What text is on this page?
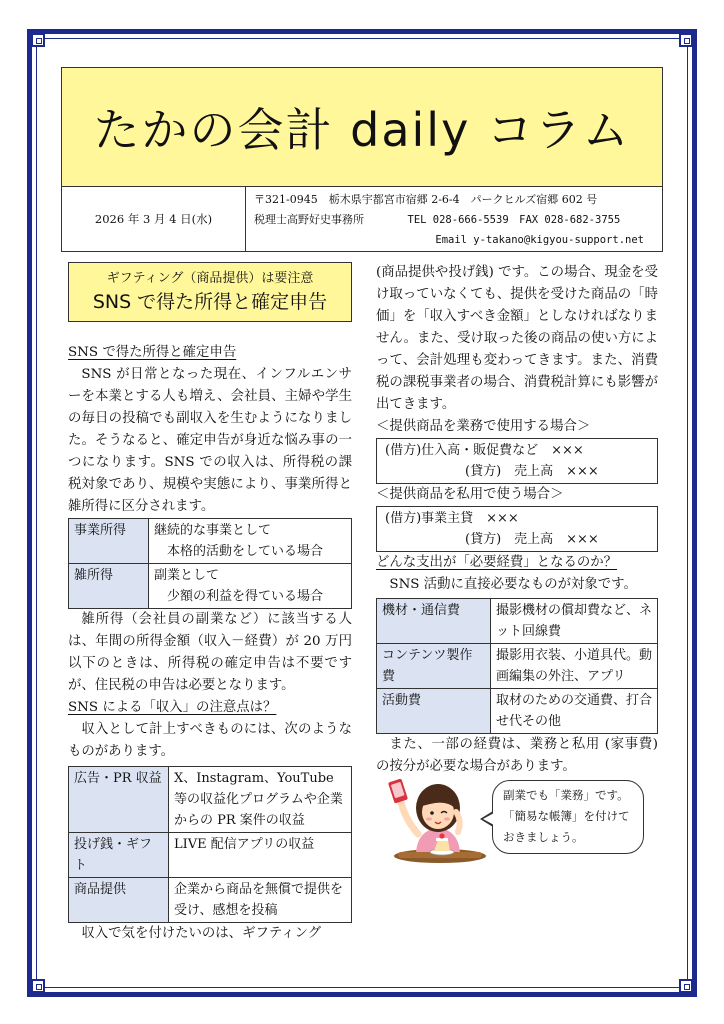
たかの会計 daily コラム
2026 年 3 月 4 日(水)
〒321-0945　栃木県宇都宮市宿郷 2-6-4　パークヒルズ宿郷 602 号
税理士高野好史事務所	TEL 028-666-5539　FAX 028-682-3755
Email y-takano@kigyou-support.net
ギフティング（商品提供）は要注意
SNS で得た所得と確定申告
SNS で得た所得と確定申告

SNS が日常となった現在、インフルエンサーを本業とする人も増え、会社員、主婦や学生の毎日の投稿でも副収入を生むようになりました。そうなると、確定申告が身近な悩み事の一つになります。SNS での収入は、所得税の課税対象であり、規模や実態により、事業所得と雑所得に区分されます。

事業所得	継続的な事業として
本格的活動をしている場合

雑所得	副業として
少額の利益を得ている場合

雑所得（会社員の副業など）に該当する人は、年間の所得金額（収入－経費）が 20 万円以下のときは、所得税の確定申告は不要ですが、住民税の申告は必要となります。

SNS による「収入」の注意点は？

収入として計上すべきものには、次のようなものがあります。

広告・PR 収益	X、Instagram、YouTube 等の収益化プログラムや企業からの PR 案件の収益
投げ銭・ギフト	LIVE 配信アプリの収益
商品提供	企業から商品を無償で提供を受け、感想を投稿

収入で気を付けたいのは、ギフティング

(商品提供や投げ銭) です。この場合、現金を受け取っていなくても、提供を受けた商品の「時価」を「収入すべき金額」としなければなりません。また、受け取った後の商品の使い方によって、会計処理も変わってきます。また、消費税の課税事業者の場合、消費税計算にも影響が出てきます。

＜提供商品を業務で使用する場合＞
(借方)仕入高・販促費など　×××
(貸方)　売上高　×××
＜提供商品を私用で使う場合＞
(借方)事業主貸　×××
(貸方)　売上高　×××
どんな支出が「必要経費」となるのか？

SNS 活動に直接必要なものが対象です。

機材・通信費	撮影機材の償却費など、ネット回線費
コンテンツ製作費	撮影用衣装、小道具代。動画編集の外注、アプリ
活動費	取材のための交通費、打合せ代その他

また、一部の経費は、業務と私用 (家事費) の按分が必要な場合があります。

副業でも「業務」です。
「簡易な帳簿」を付けて
おきましょう。
